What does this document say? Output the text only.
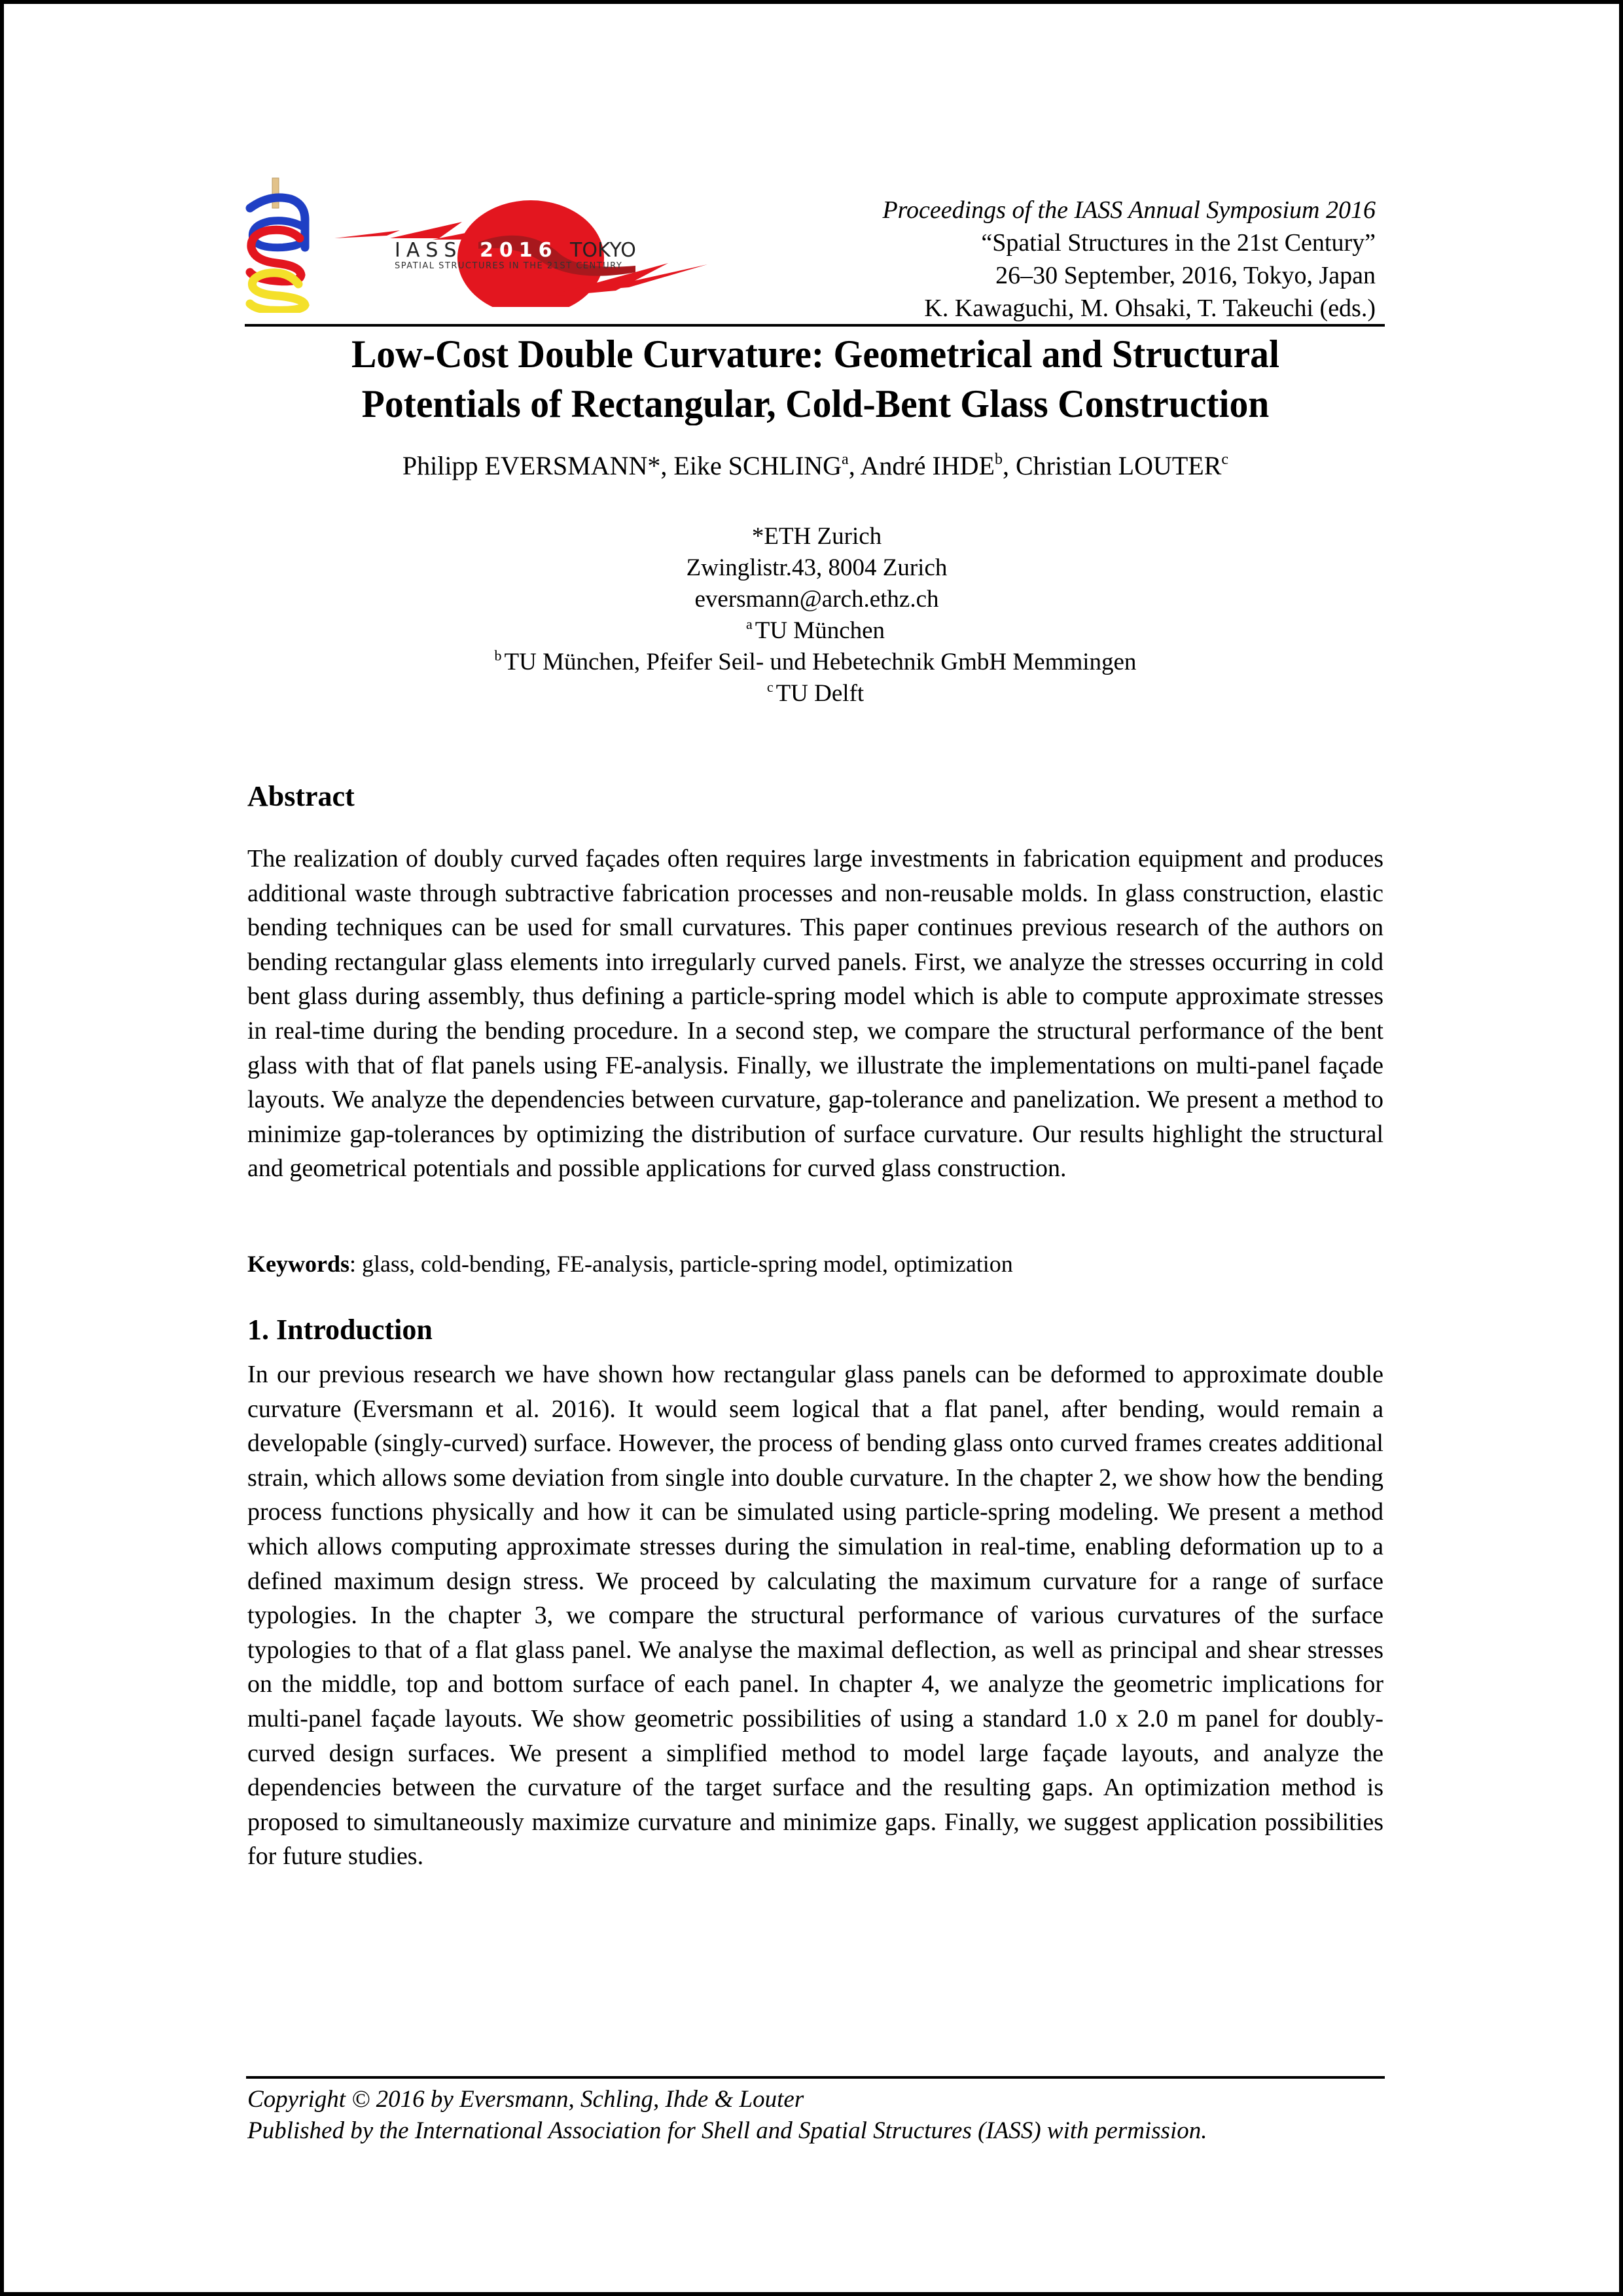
IASS 2016 TOKYO
SPATIAL STRUCTURES IN THE 21ST CENTURY
Proceedings of the IASS Annual Symposium 2016
“Spatial Structures in the 21st Century”
26–30 September, 2016, Tokyo, Japan
K. Kawaguchi, M. Ohsaki, T. Takeuchi (eds.)
Low-Cost Double Curvature: Geometrical and Structural
Potentials of Rectangular, Cold-Bent Glass Construction
Philipp EVERSMANN*, Eike SCHLING$^a$, André IHDE$^b$, Christian LOUTER$^c$
*ETH Zurich
Zwinglistr.43, 8004 Zurich
eversmann@arch.ethz.ch
$^a$ TU München
$^b$ TU München, Pfeifer Seil- und Hebetechnik GmbH Memmingen
$^c$ TU Delft
Abstract
The realization of doubly curved façades often requires large investments in fabrication equipment and produces additional waste through subtractive fabrication processes and non-reusable molds. In glass construction, elastic bending techniques can be used for small curvatures. This paper continues previous research of the authors on bending rectangular glass elements into irregularly curved panels. First, we analyze the stresses occurring in cold bent glass during assembly, thus defining a particle-spring model which is able to compute approximate stresses in real-time during the bending procedure. In a second step, we compare the structural performance of the bent glass with that of flat panels using FE-analysis. Finally, we illustrate the implementations on multi-panel façade layouts. We analyze the dependencies between curvature, gap-tolerance and panelization. We present a method to minimize gap-tolerances by optimizing the distribution of surface curvature. Our results highlight the structural and geometrical potentials and possible applications for curved glass construction.
Keywords: glass, cold-bending, FE-analysis, particle-spring model, optimization
1. Introduction
In our previous research we have shown how rectangular glass panels can be deformed to approximate double curvature (Eversmann et al. 2016). It would seem logical that a flat panel, after bending, would remain a developable (singly-curved) surface. However, the process of bending glass onto curved frames creates additional strain, which allows some deviation from single into double curvature. In the chapter 2, we show how the bending process functions physically and how it can be simulated using particle-spring modeling. We present a method which allows computing approximate stresses during the simulation in real-time, enabling deformation up to a defined maximum design stress. We proceed by calculating the maximum curvature for a range of surface typologies. In the chapter 3, we compare the structural performance of various curvatures of the surface typologies to that of a flat glass panel. We analyse the maximal deflection, as well as principal and shear stresses on the middle, top and bottom surface of each panel. In chapter 4, we analyze the geometric implications for multi-panel façade layouts. We show geometric possibilities of using a standard 1.0 x 2.0 m panel for doubly-curved design surfaces. We present a simplified method to model large façade layouts, and analyze the dependencies between the curvature of the target surface and the resulting gaps. An optimization method is proposed to simultaneously maximize curvature and minimize gaps. Finally, we suggest application possibilities for future studies.
Copyright © 2016 by Eversmann, Schling, Ihde & Louter
Published by the International Association for Shell and Spatial Structures (IASS) with permission.
